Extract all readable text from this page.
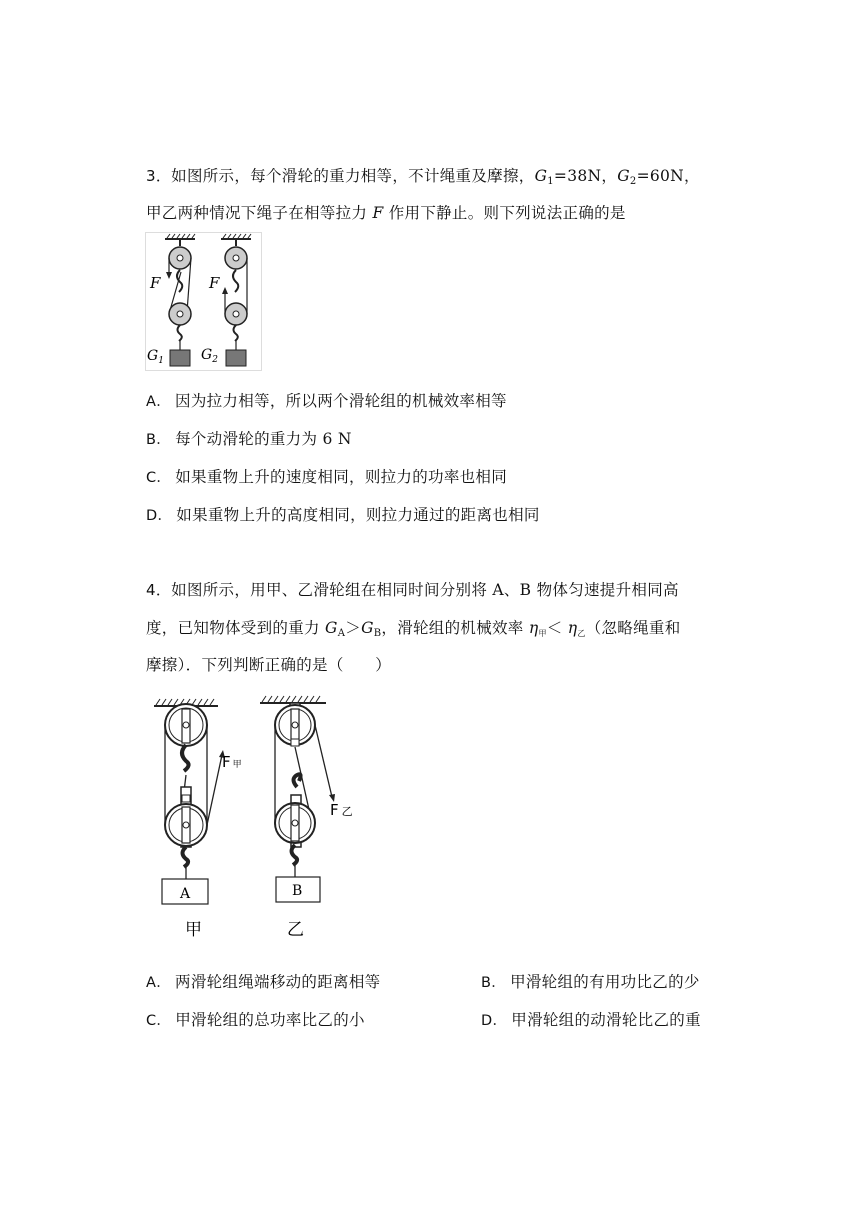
3．如图所示，每个滑轮的重力相等，不计绳重及摩擦，$G_1=38N$，$G_2=60N$，
甲乙两种情况下绳子在相等拉力 F 作用下静止。则下列说法正确的是
F	F
$G_1$	$G_2$
A． 因为拉力相等，所以两个滑轮组的机械效率相等
B． 每个动滑轮的重力为 6 N
C． 如果重物上升的速度相同，则拉力的功率也相同
D． 如果重物上升的高度相同，则拉力通过的距离也相同
4．如图所示，用甲、乙滑轮组在相同时间分别将 A、B 物体匀速提升相同高
度，已知物体受到的重力 $G_A>G_B$，滑轮组的机械效率 $\eta_甲< \eta_乙$（忽略绳重和
摩擦）．下列判断正确的是（　　）
F甲
F 乙
A	B
甲	乙
A． 两滑轮组绳端移动的距离相等	B． 甲滑轮组的有用功比乙的少
C． 甲滑轮组的总功率比乙的小	D． 甲滑轮组的动滑轮比乙的重
